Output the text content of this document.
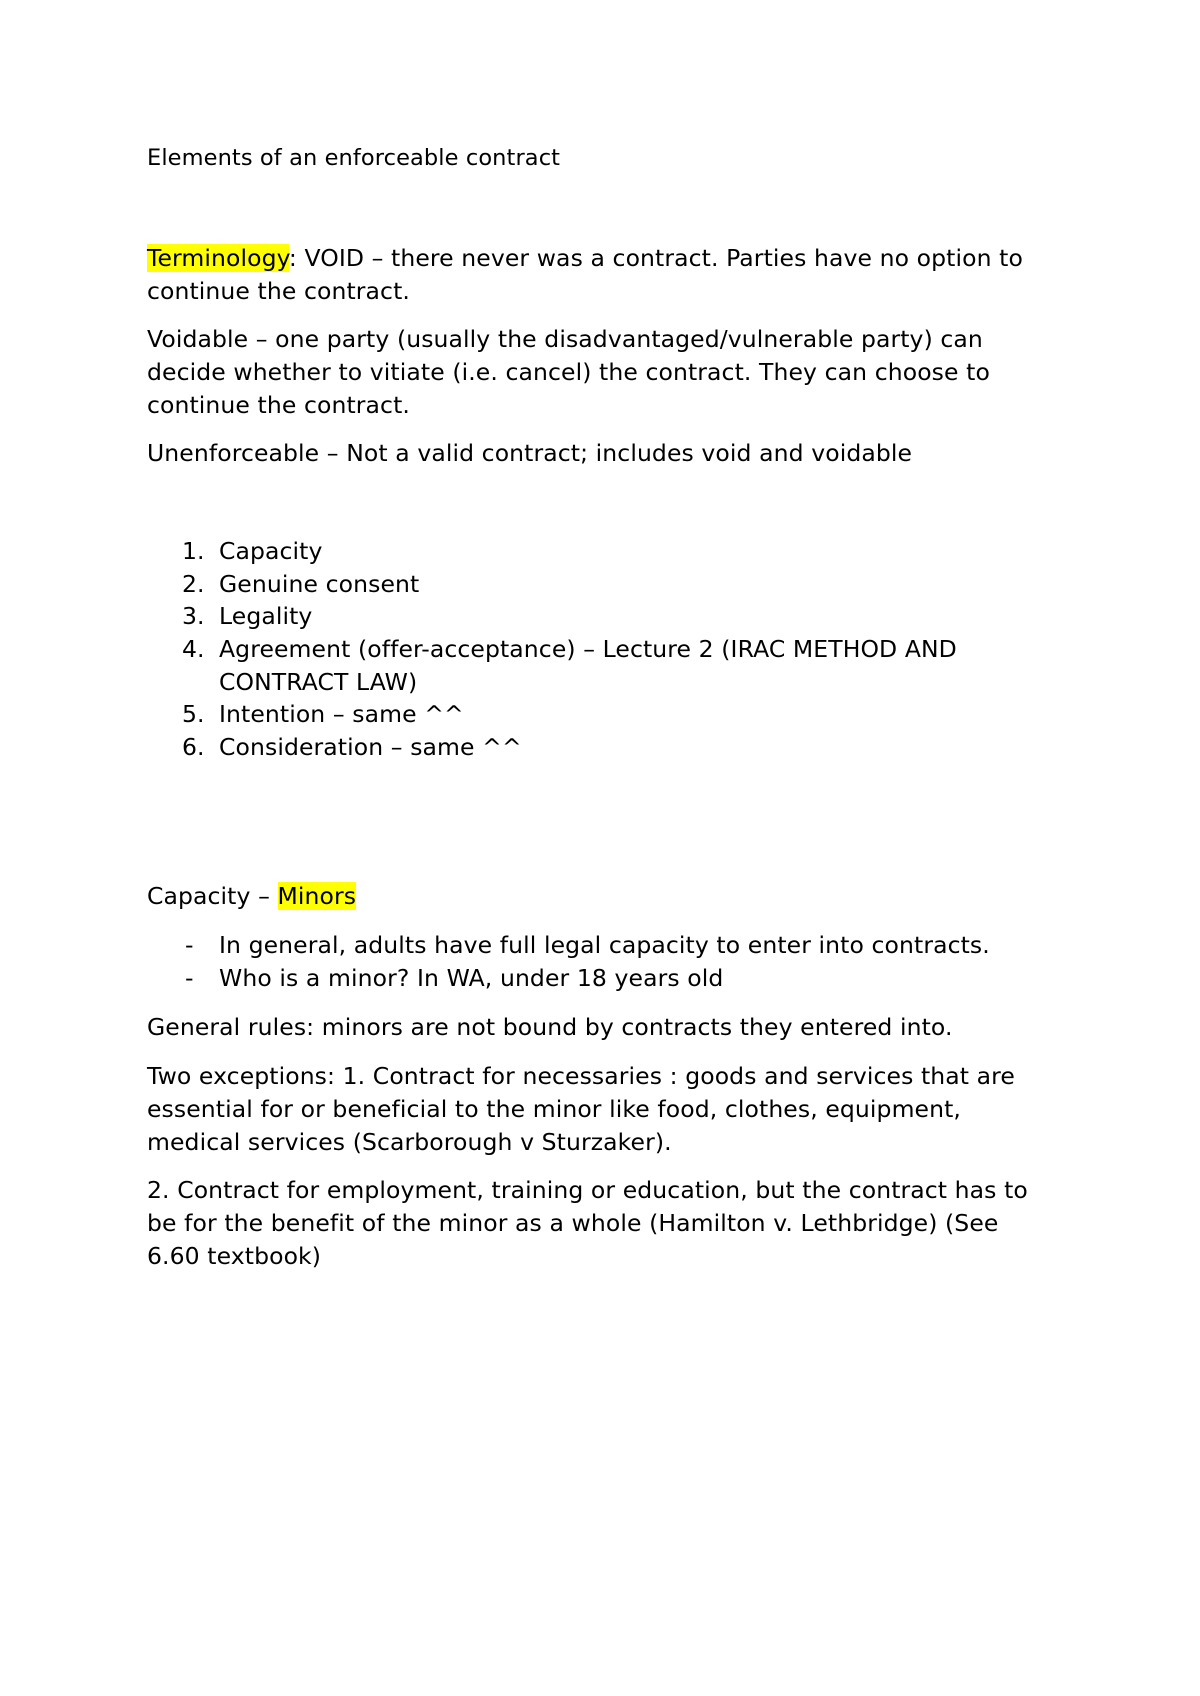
Elements of an enforceable contract
Terminology: VOID – there never was a contract. Parties have no option to
continue the contract.
Voidable – one party (usually the disadvantaged/vulnerable party) can
decide whether to vitiate (i.e. cancel) the contract. They can choose to
continue the contract.
Unenforceable – Not a valid contract; includes void and voidable
1. Capacity
2. Genuine consent
3. Legality
4. Agreement (offer-acceptance) – Lecture 2 (IRAC METHOD AND
CONTRACT LAW)
5. Intention – same ^^
6. Consideration – same ^^
Capacity – Minors
- In general, adults have full legal capacity to enter into contracts.
- Who is a minor? In WA, under 18 years old
General rules: minors are not bound by contracts they entered into.
Two exceptions: 1. Contract for necessaries : goods and services that are
essential for or beneficial to the minor like food, clothes, equipment,
medical services (Scarborough v Sturzaker).
2. Contract for employment, training or education, but the contract has to
be for the benefit of the minor as a whole (Hamilton v. Lethbridge) (See
6.60 textbook)
